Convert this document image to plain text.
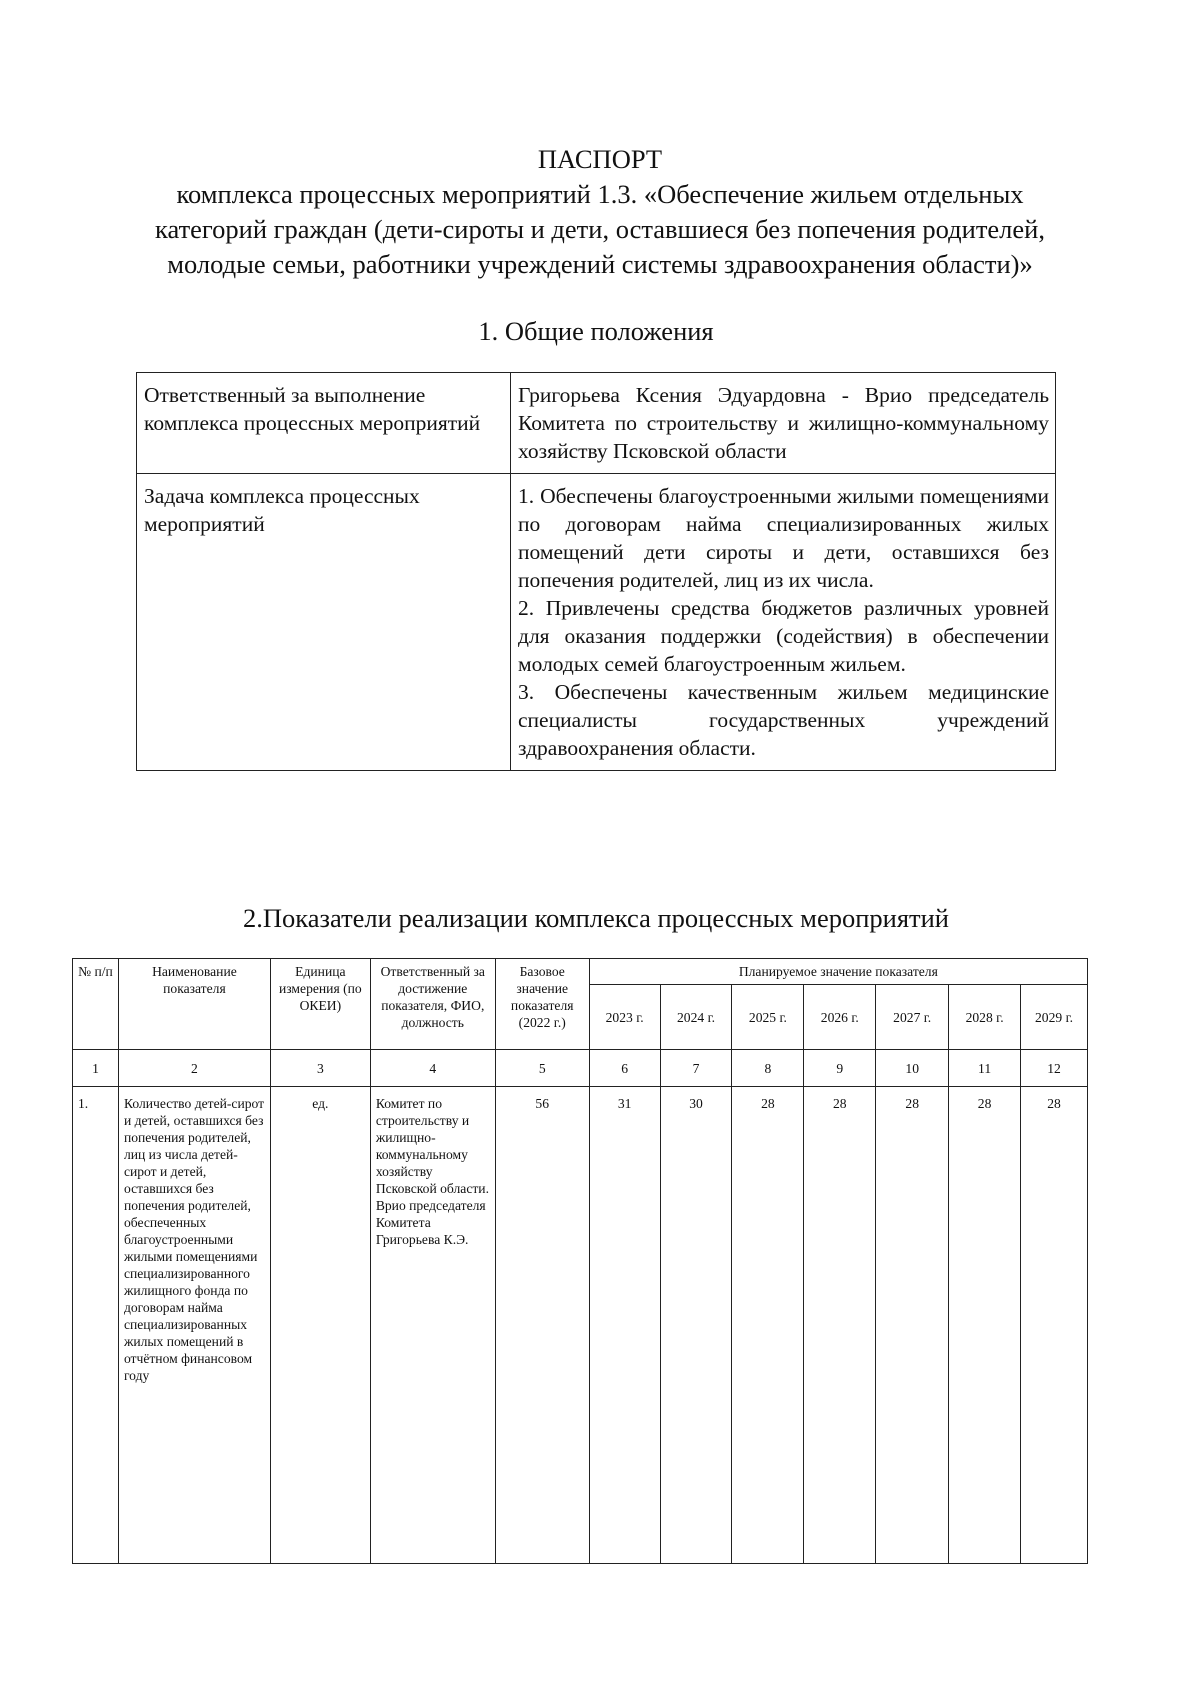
ПАСПОРТ
комплекса процессных мероприятий 1.3. «Обеспечение жильем отдельных
категорий граждан (дети-сироты и дети, оставшиеся без попечения родителей,
молодые семьи, работники учреждений системы здравоохранения области)»
1. Общие положения
Ответственный за выполнение комплекса процессных мероприятий	Григорьева Ксения Эдуардовна - Врио председатель Комитета по строительству и жилищно-коммунальному хозяйству Псковской области
Задача комплекса процессных мероприятий	1. Обеспечены благоустроенными жилыми помещениями по договорам найма специализированных жилых помещений дети сироты и дети, оставшихся без попечения родителей, лиц из их числа.
2. Привлечены средства бюджетов различных уровней для оказания поддержки (содействия) в обеспечении молодых семей благоустроенным жильем.
3. Обеспечены качественным жильем медицинские специалисты государственных учреждений здравоохранения области.
2.Показатели реализации комплекса процессных мероприятий
№ п/п	Наименование показателя	Единица измерения (по ОКЕИ)	Ответственный за достижение показателя, ФИО, должность	Базовое значение показателя (2022 г.)	Планируемое значение показателя						
					2023 г.	2024 г.	2025 г.	2026 г.	2027 г.	2028 г.	2029 г.
1	2	3	4	5	6	7	8	9	10	11	12
1.	Количество детей-сирот и детей, оставшихся без попечения родителей, лиц из числа детей-сирот и детей, оставшихся без попечения родителей, обеспеченных благоустроенными жилыми помещениями специализированного жилищного фонда по договорам найма специализированных жилых помещений в отчётном финансовом году	ед.	Комитет по строительству и жилищно-коммунальному хозяйству Псковской области. Врио председателя Комитета Григорьева К.Э.	56	31	30	28	28	28	28	28
